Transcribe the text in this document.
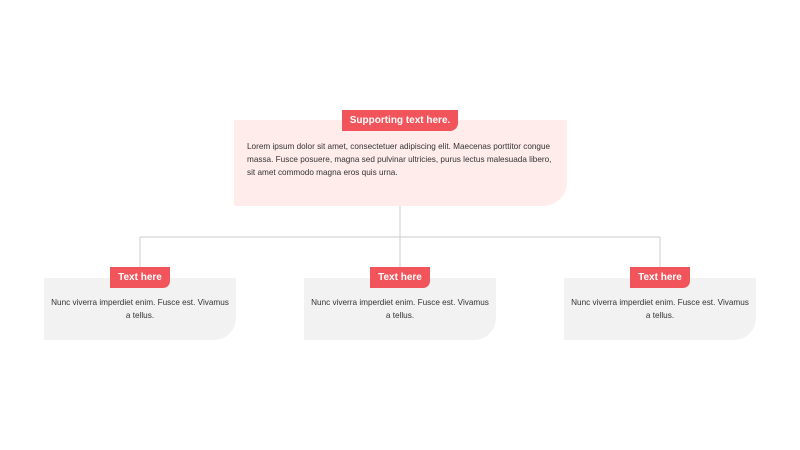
Lorem ipsum dolor sit amet, consectetuer adipiscing elit. Maecenas porttitor congue massa. Fusce posuere, magna sed pulvinar ultricies, purus lectus malesuada libero, sit amet commodo magna eros quis urna.
Supporting text here.
Nunc viverra imperdiet enim. Fusce est. Vivamus a tellus.
Text here
Nunc viverra imperdiet enim. Fusce est. Vivamus a tellus.
Text here
Nunc viverra imperdiet enim. Fusce est. Vivamus a tellus.
Text here
